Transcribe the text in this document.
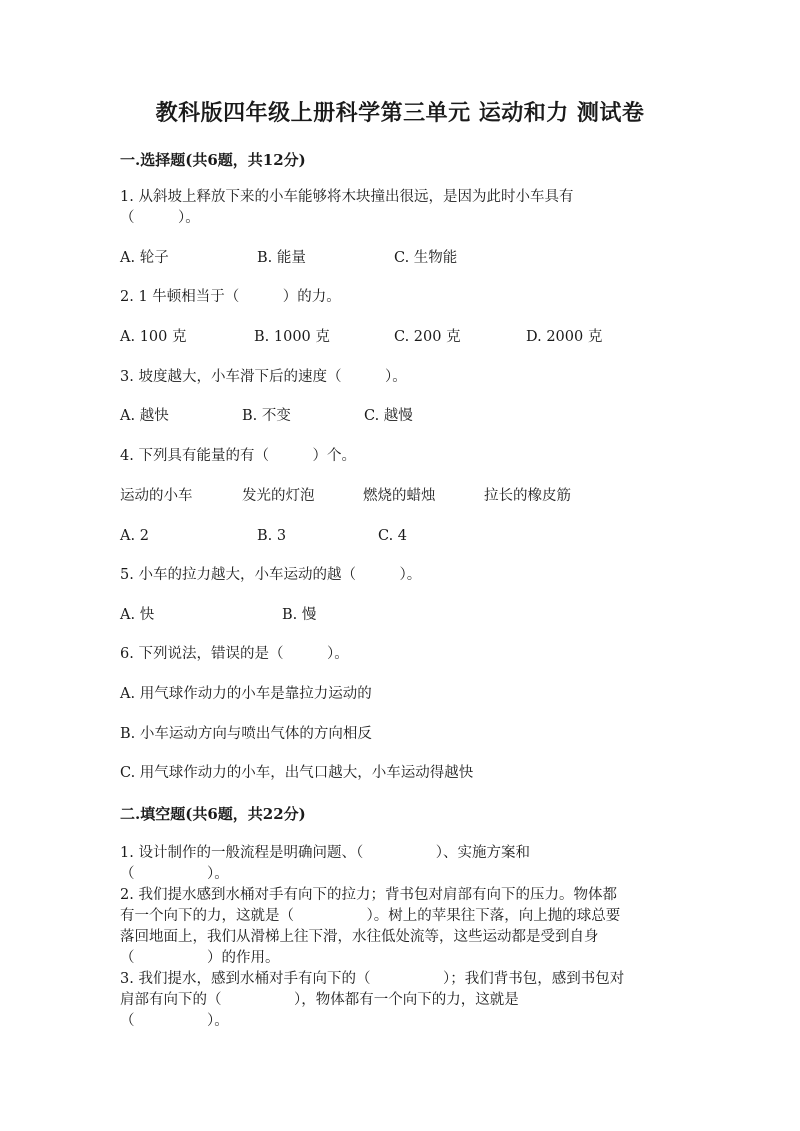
教科版四年级上册科学第三单元 运动和力 测试卷
一.选择题(共6题，共12分)
1. 从斜坡上释放下来的小车能够将木块撞出很远，是因为此时小车具有
（　　　）。
A. 轮子	B. 能量	C. 生物能
2. 1 牛顿相当于（　　　）的力。
A. 100 克	B. 1000 克	C. 200 克	D. 2000 克
3. 坡度越大，小车滑下后的速度（　　　）。
A. 越快	B. 不变	C. 越慢
4. 下列具有能量的有（　　　）个。
运动的小车	发光的灯泡	燃烧的蜡烛	拉长的橡皮筋
A. 2	B. 3	C. 4
5. 小车的拉力越大，小车运动的越（　　　）。
A. 快	B. 慢
6. 下列说法，错误的是（　　　）。
A. 用气球作动力的小车是靠拉力运动的
B. 小车运动方向与喷出气体的方向相反
C. 用气球作动力的小车，出气口越大，小车运动得越快
二.填空题(共6题，共22分)
1. 设计制作的一般流程是明确问题、（　　　　　）、实施方案和
（　　　　　）。
2. 我们提水感到水桶对手有向下的拉力；背书包对肩部有向下的压力。物体都
有一个向下的力，这就是（　　　　　）。树上的苹果往下落，向上抛的球总要
落回地面上，我们从滑梯上往下滑，水往低处流等，这些运动都是受到自身
（　　　　　）的作用。
3. 我们提水，感到水桶对手有向下的（　　　　　）；我们背书包，感到书包对
肩部有向下的（　　　　　），物体都有一个向下的力，这就是
（　　　　　）。
